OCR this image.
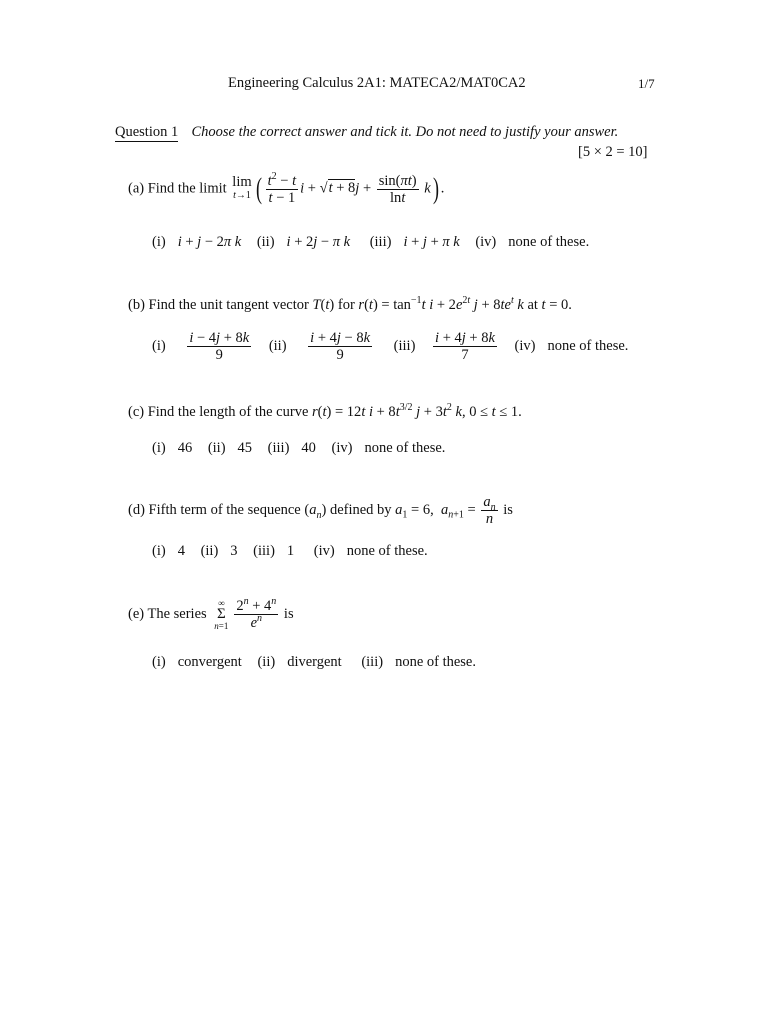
Engineering Calculus 2A1: MATECA2/MAT0CA2	1/7
Question 1 Choose the correct answer and tick it. Do not need to justify your answer.
[5 × 2 = 10]
(a) Find the limit lim
t→1 ( $\frac{t^2 - t}{t - 1}$ $i + √t + 8j + \frac{\sin(\pi t)}{\ln t} k$) .
(i) i + j − 2π k (ii) i + 2j − π k (iii) i + j + π k (iv) none of these.
(b) Find the unit tangent vector T(t) for $r(t) = \tan^{-1}t$ $i + 2e^{2t}$ $j + 8te^t$ k at t = 0.
$(i) \frac{i - 4j + 8k}{9} (ii) \frac{i + 4j - 8k}{9} (iii) \frac{i + 4j + 8k}{7} (iv)$ none of these.
(c) Find the length of the curve r(t) = 12t $i + 8t^{3/2}$ $j + 3t^2$ k, 0 ≤ t ≤ 1.
(i) 46 (ii) 45 (iii) 40 (iv) none of these.
(d) Fifth term of the sequence $(a_n)$ defined by $a_1 = 6$,  $a_{n+1} = \frac{a_n}{n}$ is
(i) 4 (ii) 3 (iii) 1 (iv) none of these.
(e) The series
∞
Σ
$n=1 \frac{2^n + 4^n}{e^n}$ is
(i) convergent (ii) divergent (iii) none of these.
